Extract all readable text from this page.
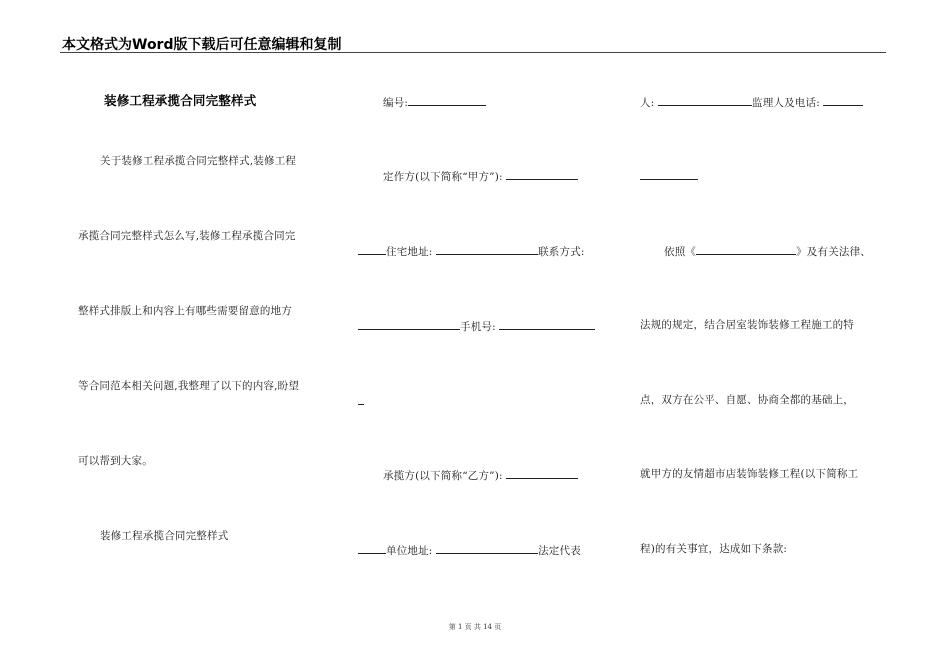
本文格式为Word版下载后可任意编辑和复制
装修工程承揽合同完整样式
关于装修工程承揽合同完整样式,装修工程
承揽合同完整样式怎么写,装修工程承揽合同完
整样式排版上和内容上有哪些需要留意的地方
等合同范本相关问题,我整理了以下的内容,盼望
可以帮到大家。
装修工程承揽合同完整样式
编号:
定作方(以下简称“甲方”):
住宅地址:	联系方式:
手机号:
承揽方(以下简称“乙方”):
单位地址:	法定代表
人:	监理人及电话:
依照《	》及有关法律、
法规的规定，结合居室装饰装修工程施工的特
点，双方在公平、自愿、协商全都的基础上，
就甲方的友情超市店装饰装修工程(以下简称工
程)的有关事宜，达成如下条款:
第 1 页 共 14 页
